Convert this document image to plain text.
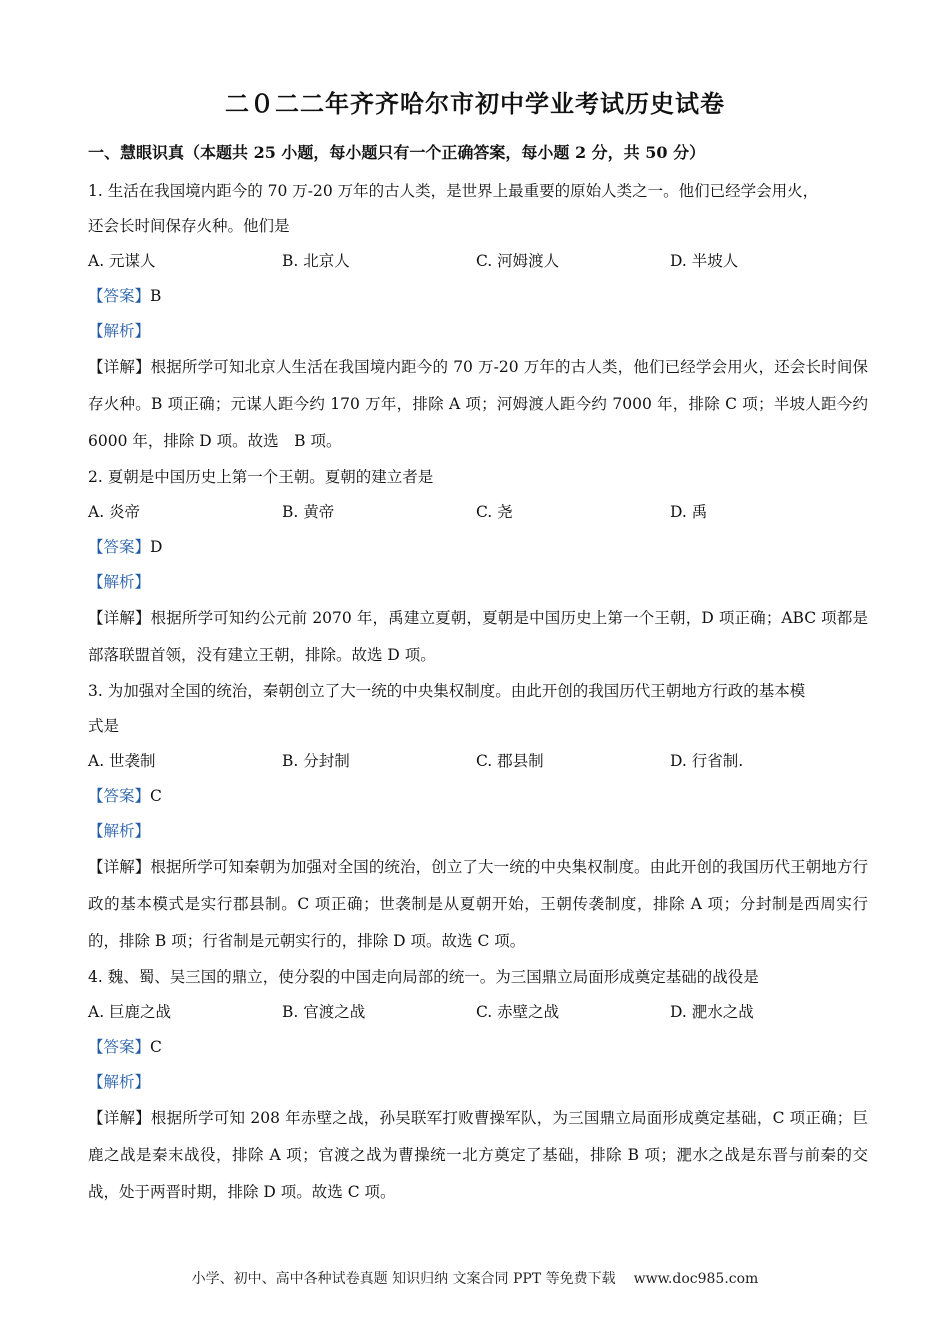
二０二二年齐齐哈尔市初中学业考试历史试卷
一、慧眼识真（本题共 25 小题，每小题只有一个正确答案，每小题 2 分，共 50 分）
1. 生活在我国境内距今的 70 万-20 万年的古人类，是世界上最重要的原始人类之一。他们已经学会用火，
还会长时间保存火种。他们是
A. 元谋人	B. 北京人	C. 河姆渡人	D. 半坡人
【答案】B
【解析】
【详解】根据所学可知北京人生活在我国境内距今的 70 万-20 万年的古人类，他们已经学会用火，还会长时间保存火种。B 项正确；元谋人距今约 170 万年，排除 A 项；河姆渡人距今约 7000 年，排除 C 项；半坡人距今约 6000 年，排除 D 项。故选　B 项。
2. 夏朝是中国历史上第一个王朝。夏朝的建立者是
A. 炎帝	B. 黄帝	C. 尧	D. 禹
【答案】D
【解析】
【详解】根据所学可知约公元前 2070 年，禹建立夏朝，夏朝是中国历史上第一个王朝，D 项正确；ABC 项都是部落联盟首领，没有建立王朝，排除。故选 D 项。
3. 为加强对全国的统治，秦朝创立了大一统的中央集权制度。由此开创的我国历代王朝地方行政的基本模
式是
A. 世袭制	B. 分封制	C. 郡县制	D. 行省制.
【答案】C
【解析】
【详解】根据所学可知秦朝为加强对全国的统治，创立了大一统的中央集权制度。由此开创的我国历代王朝地方行政的基本模式是实行郡县制。C 项正确；世袭制是从夏朝开始，王朝传袭制度，排除 A 项；分封制是西周实行的，排除 B 项；行省制是元朝实行的，排除 D 项。故选 C 项。
4. 魏、蜀、吴三国的鼎立，使分裂的中国走向局部的统一。为三国鼎立局面形成奠定基础的战役是
A. 巨鹿之战	B. 官渡之战	C. 赤壁之战	D. 淝水之战
【答案】C
【解析】
【详解】根据所学可知 208 年赤壁之战，孙吴联军打败曹操军队，为三国鼎立局面形成奠定基础，C 项正确；巨鹿之战是秦末战役，排除 A 项；官渡之战为曹操统一北方奠定了基础，排除 B 项；淝水之战是东晋与前秦的交战，处于两晋时期，排除 D 项。故选 C 项。
小学、初中、高中各种试卷真题 知识归纳 文案合同 PPT 等免费下载 www.doc985.com
